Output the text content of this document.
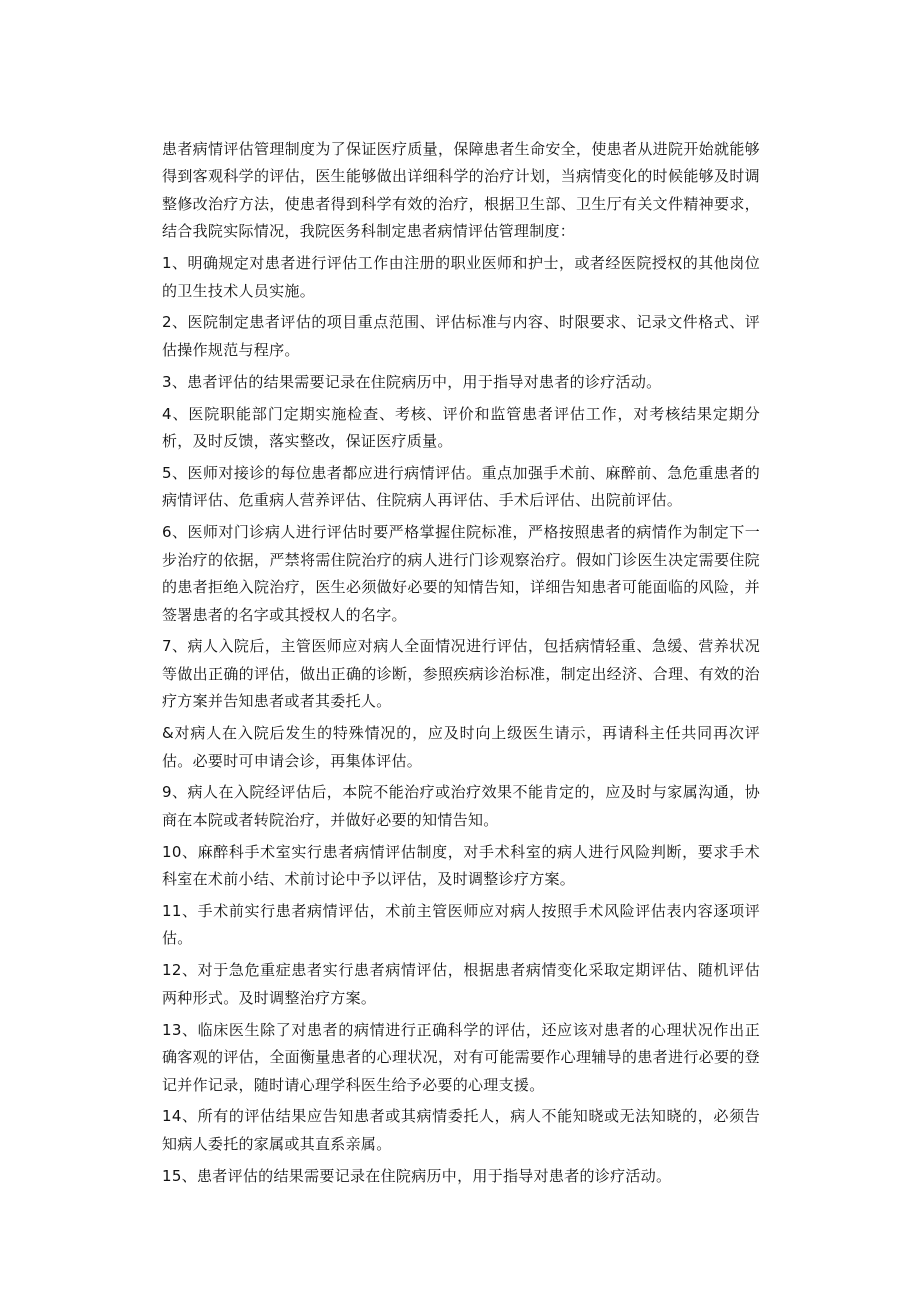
患者病情评估管理制度为了保证医疗质量，保障患者生命安全，使患者从进院开始就能够得到客观科学的评估，医生能够做出详细科学的治疗计划，当病情变化的时候能够及时调整修改治疗方法，使患者得到科学有效的治疗，根据卫生部、卫生厅有关文件精神要求，结合我院实际情况，我院医务科制定患者病情评估管理制度：

1、明确规定对患者进行评估工作由注册的职业医师和护士，或者经医院授权的其他岗位的卫生技术人员实施。

2、医院制定患者评估的项目重点范围、评估标准与内容、时限要求、记录文件格式、评估操作规范与程序。

3、患者评估的结果需要记录在住院病历中，用于指导对患者的诊疗活动。

4、医院职能部门定期实施检查、考核、评价和监管患者评估工作，对考核结果定期分析，及时反馈，落实整改，保证医疗质量。

5、医师对接诊的每位患者都应进行病情评估。重点加强手术前、麻醉前、急危重患者的病情评估、危重病人营养评估、住院病人再评估、手术后评估、出院前评估。

6、医师对门诊病人进行评估时要严格掌握住院标准，严格按照患者的病情作为制定下一步治疗的依据，严禁将需住院治疗的病人进行门诊观察治疗。假如门诊医生决定需要住院的患者拒绝入院治疗，医生必须做好必要的知情告知，详细告知患者可能面临的风险，并签署患者的名字或其授权人的名字。

7、病人入院后，主管医师应对病人全面情况进行评估，包括病情轻重、急缓、营养状况等做出正确的评估，做出正确的诊断，参照疾病诊治标准，制定出经济、合理、有效的治疗方案并告知患者或者其委托人。

&对病人在入院后发生的特殊情况的，应及时向上级医生请示，再请科主任共同再次评估。必要时可申请会诊，再集体评估。

9、病人在入院经评估后，本院不能治疗或治疗效果不能肯定的，应及时与家属沟通，协商在本院或者转院治疗，并做好必要的知情告知。

10、麻醉科手术室实行患者病情评估制度，对手术科室的病人进行风险判断，要求手术科室在术前小结、术前讨论中予以评估，及时调整诊疗方案。

11、手术前实行患者病情评估，术前主管医师应对病人按照手术风险评估表内容逐项评估。

12、对于急危重症患者实行患者病情评估，根据患者病情变化采取定期评估、随机评估两种形式。及时调整治疗方案。

13、临床医生除了对患者的病情进行正确科学的评估，还应该对患者的心理状况作出正确客观的评估，全面衡量患者的心理状况，对有可能需要作心理辅导的患者进行必要的登记并作记录，随时请心理学科医生给予必要的心理支援。

14、所有的评估结果应告知患者或其病情委托人，病人不能知晓或无法知晓的，必须告知病人委托的家属或其直系亲属。

15、患者评估的结果需要记录在住院病历中，用于指导对患者的诊疗活动。
